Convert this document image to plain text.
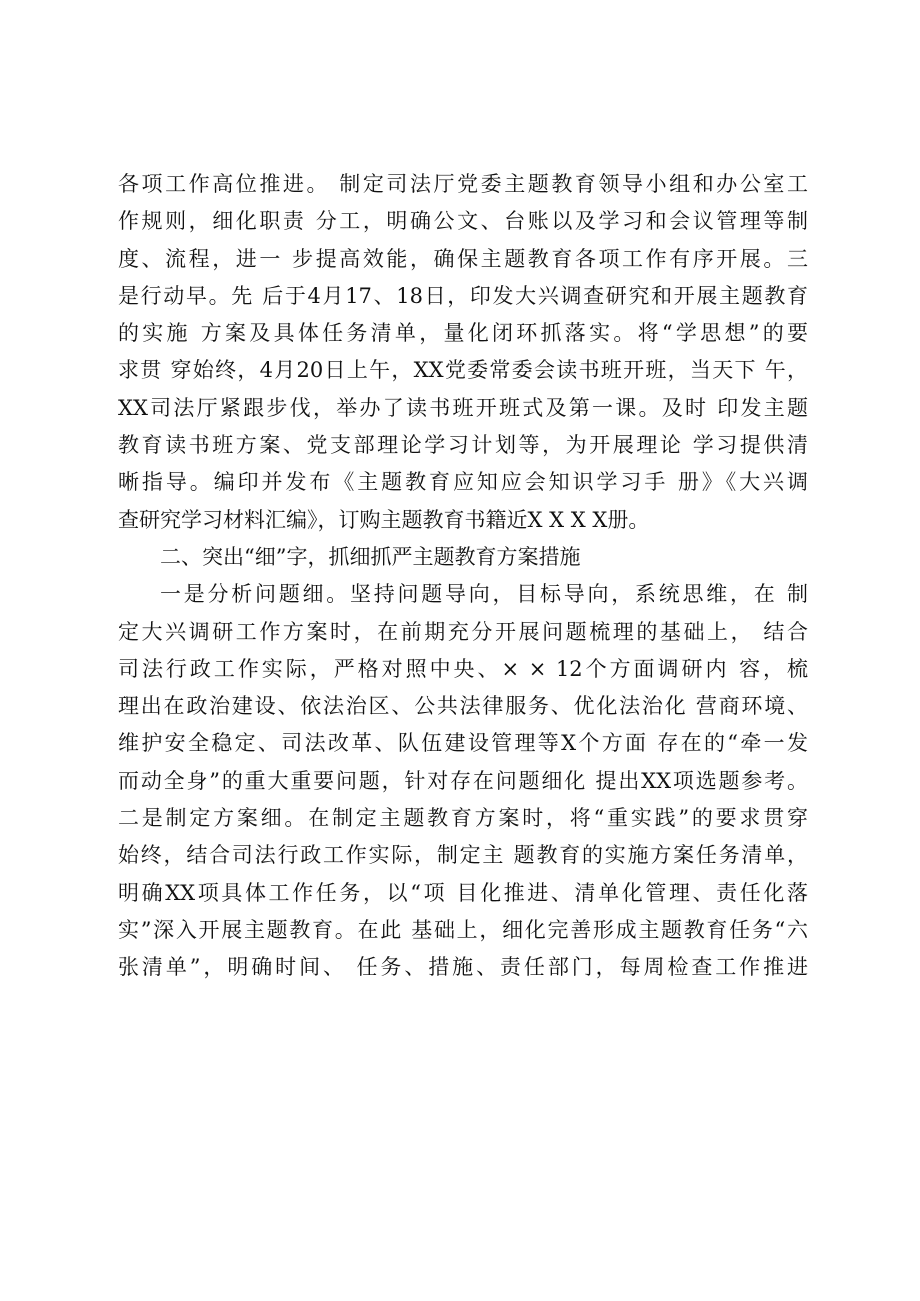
各项工作高位推进。 制定司法厅党委主题教育领导小组和办公室工
作规则，细化职责 分工，明确公文、台账以及学习和会议管理等制
度、流程，进一 步提高效能，确保主题教育各项工作有序开展。三
是行动早。先 后于4月17、18日，印发大兴调查研究和开展主题教育
的实施 方案及具体任务清单，量化闭环抓落实。将“学思想”的要
求贯 穿始终，4月20日上午，XX党委常委会读书班开班，当天下 午，
XX司法厅紧跟步伐，举办了读书班开班式及第一课。及时 印发主题
教育读书班方案、党支部理论学习计划等，为开展理论 学习提供清
晰指导。编印并发布《主题教育应知应会知识学习手 册》《大兴调
查研究学习材料汇编》，订购主题教育书籍近X X X X册。
二、突出“细”字，抓细抓严主题教育方案措施
一是分析问题细。坚持问题导向，目标导向，系统思维，在 制
定大兴调研工作方案时，在前期充分开展问题梳理的基础上， 结合
司法行政工作实际，严格对照中央、× × 12个方面调研内 容，梳
理出在政治建设、依法治区、公共法律服务、优化法治化 营商环境、
维护安全稳定、司法改革、队伍建设管理等X个方面 存在的“牵一发
而动全身”的重大重要问题，针对存在问题细化 提出XX项选题参考。
二是制定方案细。在制定主题教育方案时，将“重实践”的要求贯穿
始终，结合司法行政工作实际，制定主 题教育的实施方案任务清单，
明确XX项具体工作任务，以“项 目化推进、清单化管理、责任化落
实”深入开展主题教育。在此 基础上，细化完善形成主题教育任务“六
张清单”，明确时间、 任务、措施、责任部门，每周检查工作推进
